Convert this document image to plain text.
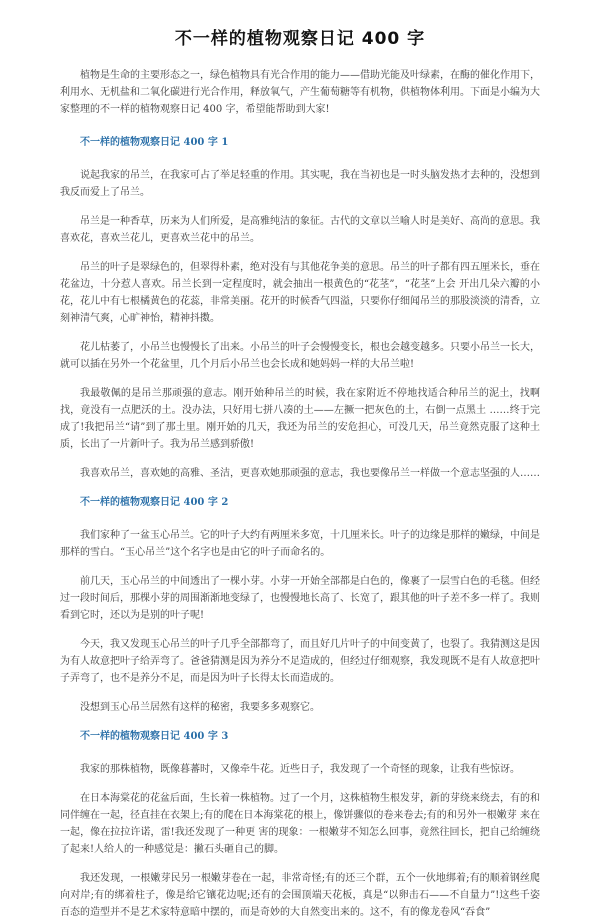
不一样的植物观察日记 400 字

植物是生命的主要形态之一，绿色植物具有光合作用的能力——借助光能及叶绿素，在酶的催化作用下，利用水、无机盐和二氧化碳进行光合作用，释放氧气，产生葡萄糖等有机物，供植物体利用。下面是小编为大家整理的不一样的植物观察日记 400 字，希望能帮助到大家!

不一样的植物观察日记 400 字 1

说起我家的吊兰，在我家可占了举足轻重的作用。其实呢，我在当初也是一时头脑发热才去种的，没想到我反而爱上了吊兰。

吊兰是一种香草，历来为人们所爱，是高雅纯洁的象征。古代的文章以兰喻人时是美好、高尚的意思。我喜欢花，喜欢兰花儿，更喜欢兰花中的吊兰。

吊兰的叶子是翠绿色的，但翠得朴素，绝对没有与其他花争美的意思。吊兰的叶子都有四五厘米长，垂在花盆边，十分惹人喜欢。吊兰长到一定程度时，就会抽出一根黄色的“花茎”，“花茎”上会 开出几朵六瓣的小花，花儿中有七根橘黄色的花蕊，非常美丽。花开的时候香气四溢，只要你仔细闻吊兰的那股淡淡的清香，立刻神清气爽，心旷神怡，精神抖擞。

花儿枯萎了，小吊兰也慢慢长了出来。小吊兰的叶子会慢慢变长，根也会越变越多。只要小吊兰一长大，就可以插在另外一个花盆里，几个月后小吊兰也会长成和她妈妈一样的大吊兰啦!

我最敬佩的是吊兰那顽强的意志。刚开始种吊兰的时候，我在家附近不停地找适合种吊兰的泥土，找啊找，竟没有一点肥沃的土。没办法，只好用七拼八凑的土——左撅一把灰色的土，右倒一点黑土 ……终于完成了!我把吊兰“请”到了那土里。刚开始的几天，我还为吊兰的安危担心，可没几天，吊兰竟然克服了这种土质，长出了一片新叶子。我为吊兰感到骄傲!

我喜欢吊兰，喜欢她的高雅、圣洁，更喜欢她那顽强的意志，我也要像吊兰一样做一个意志坚强的人……

不一样的植物观察日记 400 字 2

我们家种了一盆玉心吊兰。它的叶子大约有两厘米多宽，十几厘米长。叶子的边缘是那样的嫩绿，中间是那样的雪白。“玉心吊兰”这个名字也是由它的叶子而命名的。

前几天，玉心吊兰的中间透出了一棵小芽。小芽一开始全部都是白色的，像裹了一层雪白色的毛毯。但经过一段时间后，那棵小芽的周围渐渐地变绿了，也慢慢地长高了、长宽了，跟其他的叶子差不多一样了。我则看到它时，还以为是别的叶子呢!

今天，我又发现玉心吊兰的叶子几乎全部都弯了，而且好几片叶子的中间变黄了，也裂了。我猜测这是因为有人故意把叶子给弄弯了。爸爸猜测是因为养分不足造成的，但经过仔细观察，我发现既不是有人故意把叶子弄弯了，也不是养分不足，而是因为叶子长得太长而造成的。

没想到玉心吊兰居然有这样的秘密，我要多多观察它。

不一样的植物观察日记 400 字 3

我家的那株植物，既像暮蕃时，又像牵牛花。近些日子，我发现了一个奇怪的现象，让我有些惊讶。

在日本海棠花的花盆后面，生长着一株植物。过了一个月，这株植物生根发芽，新的芽绕来绕去，有的和同伴缠在一起，径直挂在衣架上;有的爬在日本海棠花的根上，像饼骤似的卷来卷去;有的和另外一根嫩芽 来在一起，像在拉拉许诺，雷!我还发现了一种更 害的现象：一根嫩芽不知怎么回事，竟然往回长，把自己给缠绕了起来!人给人的一种感觉是：撇石头砸自己的脚。

我还发现，一根嫩芽民另一根嫩芽卷在一起，非常奇怪;有的还三个群，五个一伙地绑着;有的顺着钢丝爬向对岸;有的绑着柱子，像是给它镶花边呢;还有的会围顶端天花板，真是“以卵击石——不自量力”!这些千姿百态的造型并不是艺术家特意暗中摆的，而是奇妙的大自然变出来的。这不，有的像龙卷风“吞食”
